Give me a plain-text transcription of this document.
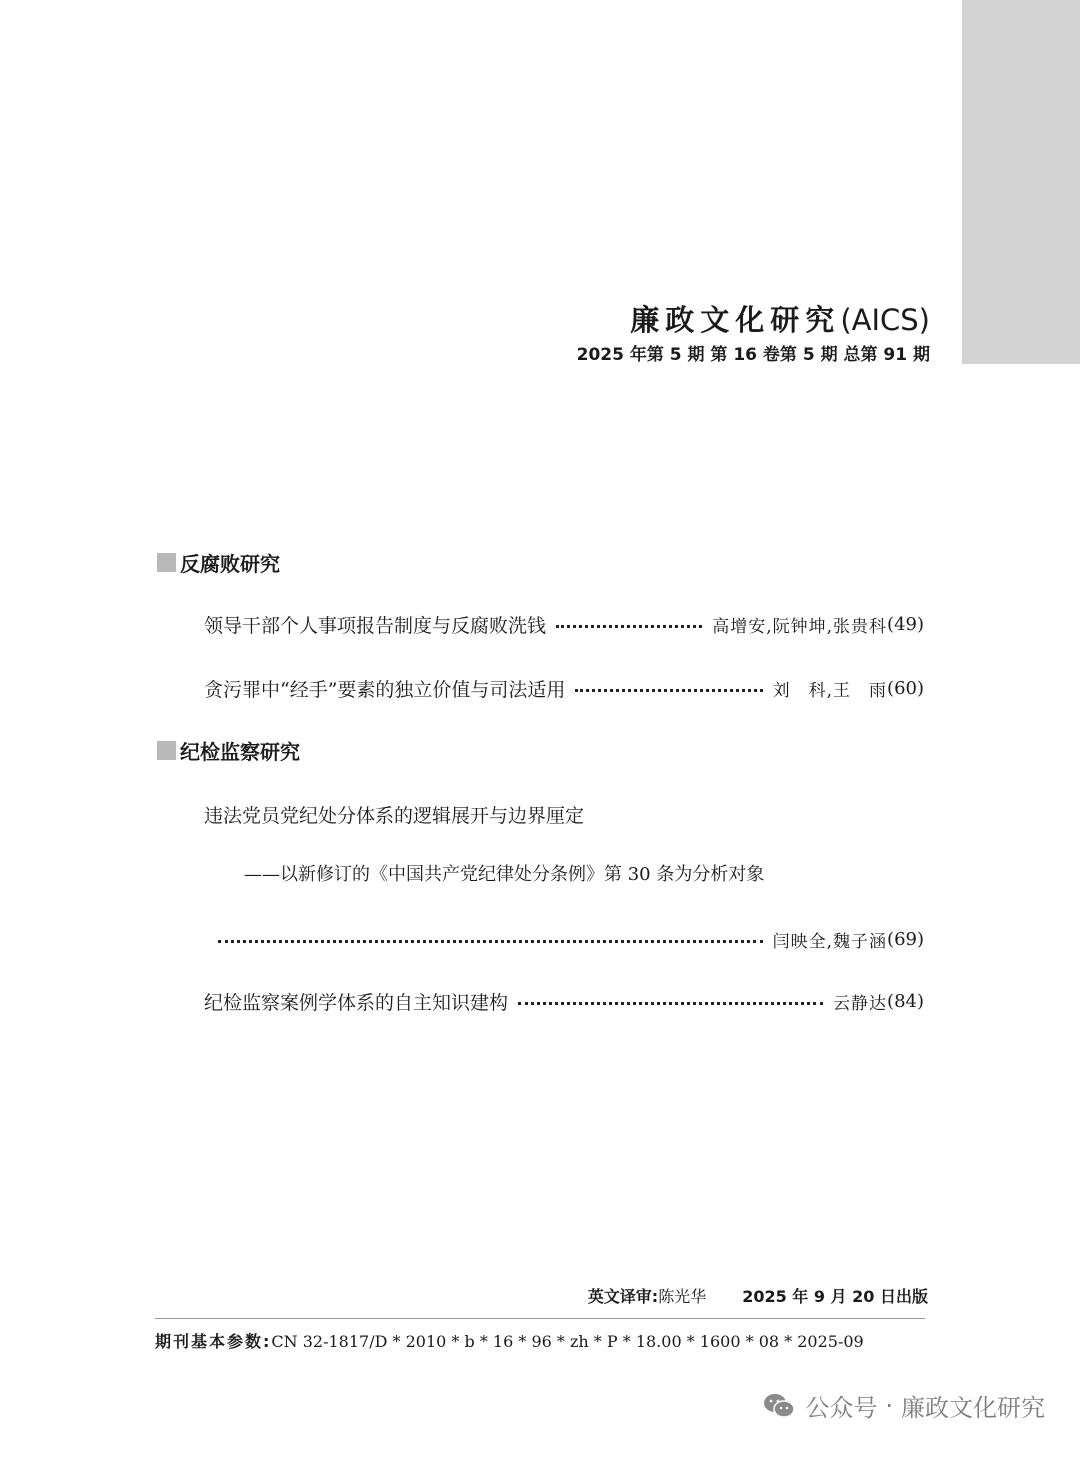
廉政文化研究(AICS)
2025 年第 5 期 第 16 卷第 5 期 总第 91 期
反腐败研究
领导干部个人事项报告制度与反腐败洗钱	高增安,阮钟坤,张贵科 (49)
贪污罪中“经手”要素的独立价值与司法适用	刘　科,王　雨 (60)
纪检监察研究
违法党员党纪处分体系的逻辑展开与边界厘定
——以新修订的《中国共产党纪律处分条例》第 30 条为分析对象
闫映全,魏子涵 (69)
纪检监察案例学体系的自主知识建构	云静达 (84)
英文译审:陈光华 2025 年 9 月 20 日出版
期刊基本参数:CN 32-1817/D * 2010 * b * 16 * 96 * zh * P * 18.00 * 1600 * 08 * 2025-09
公众号 · 廉政文化研究
